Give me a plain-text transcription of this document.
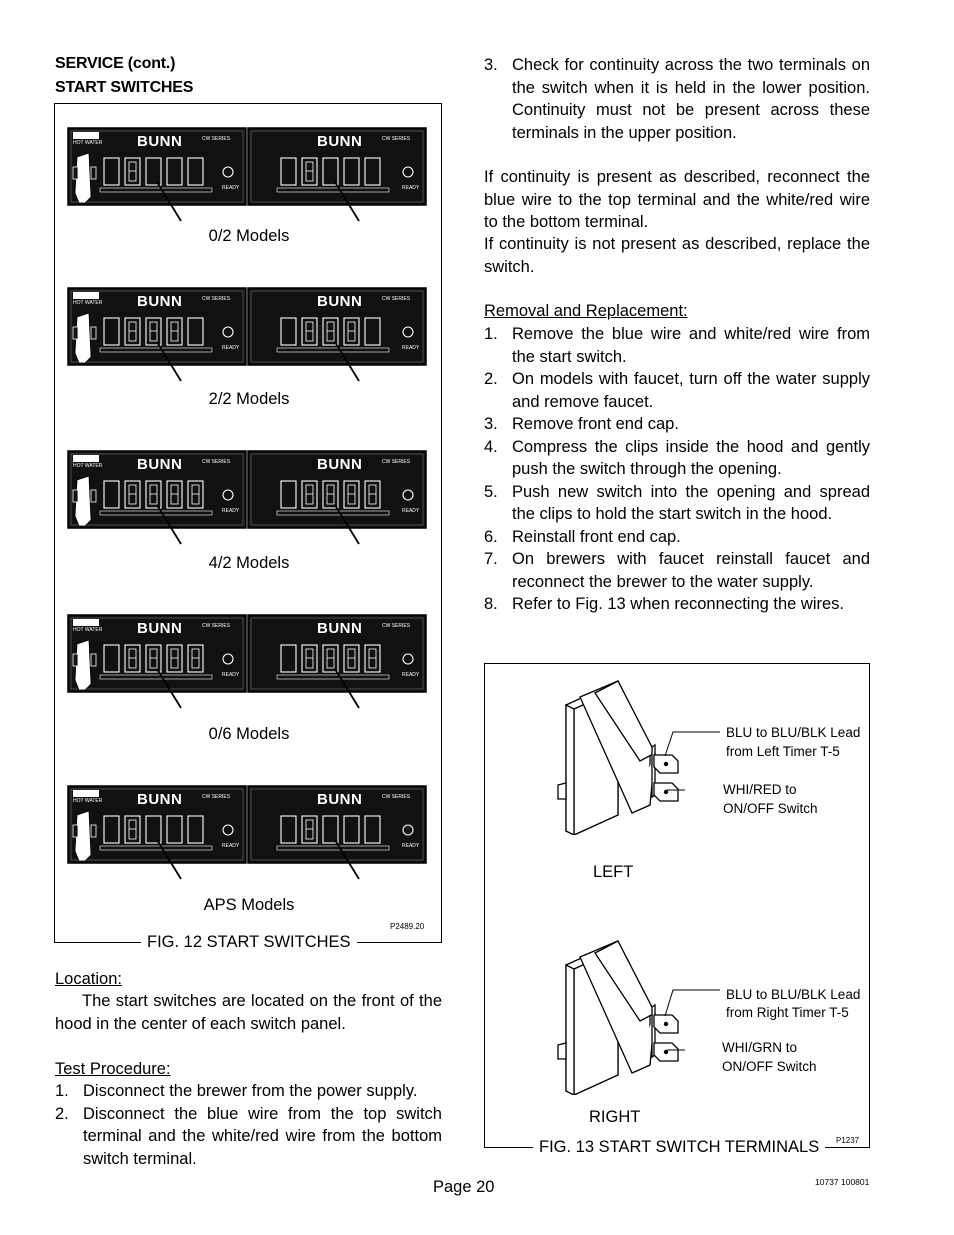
SERVICE (cont.)
START SWITCHES
BUNN	CW SERIES
READY
HOT WATER	BUNN	CW SERIES
READY
0/2 Models
BUNN	CW SERIES
READY
HOT WATER	BUNN	CW SERIES
READY
2/2 Models
BUNN	CW SERIES
READY
HOT WATER	BUNN	CW SERIES
READY
4/2 Models
BUNN	CW SERIES
READY
HOT WATER	BUNN	CW SERIES
READY
0/6 Models
BUNN	CW SERIES
READY
HOT WATER	BUNN	CW SERIES
READY
APS Models
FIG. 12 START SWITCHES
P2489.20
Location:
The start switches are located on the front of the hood in the center of each switch panel.
Test Procedure:
1. Disconnect the brewer from the power supply.
2. Disconnect the blue wire from the top switch terminal and the white/red wire from the bottom switch terminal.
3. Check for continuity across the two terminals on the switch when it is held in the lower position. Continuity must not be present across these terminals in the upper position.
If continuity is present as described, reconnect the blue wire to the top terminal and the white/red wire to the bottom terminal.
If continuity is not present as described, replace the switch.
Removal and Replacement:
1. Remove the blue wire and white/red wire from the start switch.
2. On models with faucet, turn off the water supply and remove faucet.
3. Remove front end cap.
4. Compress the clips inside the hood and gently push the switch through the opening.
5. Push new switch into the opening and spread the clips to hold the start switch in the hood.
6. Reinstall front end cap.
7. On brewers with faucet reinstall faucet and reconnect the brewer to the water supply.
8. Refer to Fig. 13 when reconnecting the wires.
BLU to BLU/BLK Lead
from Left Timer T-5
WHI/RED to
ON/OFF Switch
LEFT
BLU to BLU/BLK Lead
from Right Timer T-5
WHI/GRN to
ON/OFF Switch
RIGHT
FIG. 13 START SWITCH TERMINALS	P1237
Page 20	10737 100801
